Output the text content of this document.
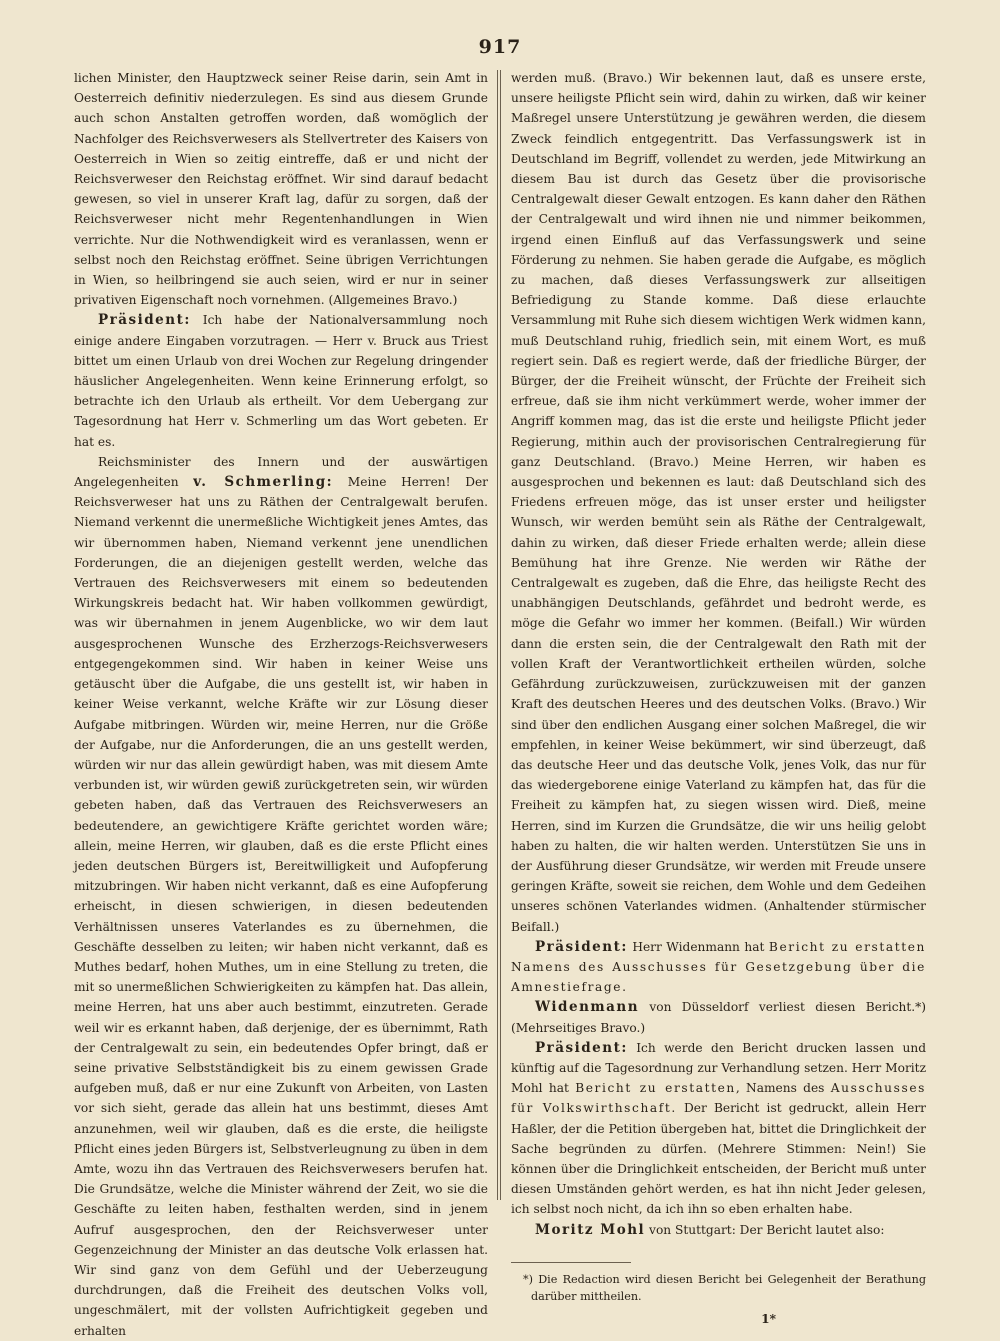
917

lichen Minister, den Hauptzweck seiner Reise darin, sein Amt in Oesterreich definitiv niederzulegen. Es sind aus diesem Grunde auch schon Anstalten getroffen worden, daß womöglich der Nachfolger des Reichsverwesers als Stellvertreter des Kaisers von Oesterreich in Wien so zeitig eintreffe, daß er und nicht der Reichsverweser den Reichstag eröffnet. Wir sind darauf bedacht gewesen, so viel in unserer Kraft lag, dafür zu sorgen, daß der Reichsverweser nicht mehr Regentenhandlungen in Wien verrichte. Nur die Nothwendigkeit wird es veranlassen, wenn er selbst noch den Reichstag eröffnet. Seine übrigen Verrichtungen in Wien, so heilbringend sie auch seien, wird er nur in seiner privativen Eigenschaft noch vornehmen. (Allgemeines Bravo.)

Präsident: Ich habe der Nationalversammlung noch einige andere Eingaben vorzutragen. — Herr v. Bruck aus Triest bittet um einen Urlaub von drei Wochen zur Regelung dringender häuslicher Angelegenheiten. Wenn keine Erinnerung erfolgt, so betrachte ich den Urlaub als ertheilt. Vor dem Uebergang zur Tagesordnung hat Herr v. Schmerling um das Wort gebeten. Er hat es.

Reichsminister des Innern und der auswärtigen Angelegenheiten v. Schmerling: Meine Herren! Der Reichsverweser hat uns zu Räthen der Centralgewalt berufen. Niemand verkennt die unermeßliche Wichtigkeit jenes Amtes, das wir übernommen haben, Niemand verkennt jene unendlichen Forderungen, die an diejenigen gestellt werden, welche das Vertrauen des Reichsverwesers mit einem so bedeutenden Wirkungskreis bedacht hat. Wir haben vollkommen gewürdigt, was wir übernahmen in jenem Augenblicke, wo wir dem laut ausgesprochenen Wunsche des Erzherzogs-Reichsverwesers entgegengekommen sind. Wir haben in keiner Weise uns getäuscht über die Aufgabe, die uns gestellt ist, wir haben in keiner Weise verkannt, welche Kräfte wir zur Lösung dieser Aufgabe mitbringen. Würden wir, meine Herren, nur die Größe der Aufgabe, nur die Anforderungen, die an uns gestellt werden, würden wir nur das allein gewürdigt haben, was mit diesem Amte verbunden ist, wir würden gewiß zurückgetreten sein, wir würden gebeten haben, daß das Vertrauen des Reichsverwesers an bedeutendere, an gewichtigere Kräfte gerichtet worden wäre; allein, meine Herren, wir glauben, daß es die erste Pflicht eines jeden deutschen Bürgers ist, Bereitwilligkeit und Aufopferung mitzubringen. Wir haben nicht verkannt, daß es eine Aufopferung erheischt, in diesen schwierigen, in diesen bedeutenden Verhältnissen unseres Vaterlandes es zu übernehmen, die Geschäfte desselben zu leiten; wir haben nicht verkannt, daß es Muthes bedarf, hohen Muthes, um in eine Stellung zu treten, die mit so unermeßlichen Schwierigkeiten zu kämpfen hat. Das allein, meine Herren, hat uns aber auch bestimmt, einzutreten. Gerade weil wir es erkannt haben, daß derjenige, der es übernimmt, Rath der Centralgewalt zu sein, ein bedeutendes Opfer bringt, daß er seine privative Selbstständigkeit bis zu einem gewissen Grade aufgeben muß, daß er nur eine Zukunft von Arbeiten, von Lasten vor sich sieht, gerade das allein hat uns bestimmt, dieses Amt anzunehmen, weil wir glauben, daß es die erste, die heiligste Pflicht eines jeden Bürgers ist, Selbstverleugnung zu üben in dem Amte, wozu ihn das Vertrauen des Reichsverwesers berufen hat. Die Grundsätze, welche die Minister während der Zeit, wo sie die Geschäfte zu leiten haben, festhalten werden, sind in jenem Aufruf ausgesprochen, den der Reichsverweser unter Gegenzeichnung der Minister an das deutsche Volk erlassen hat. Wir sind ganz von dem Gefühl und der Ueberzeugung durchdrungen, daß die Freiheit des deutschen Volks voll, ungeschmälert, mit der vollsten Aufrichtigkeit gegeben und erhalten

werden muß. (Bravo.) Wir bekennen laut, daß es unsere erste, unsere heiligste Pflicht sein wird, dahin zu wirken, daß wir keiner Maßregel unsere Unterstützung je gewähren werden, die diesem Zweck feindlich entgegentritt. Das Verfassungswerk ist in Deutschland im Begriff, vollendet zu werden, jede Mitwirkung an diesem Bau ist durch das Gesetz über die provisorische Centralgewalt dieser Gewalt entzogen. Es kann daher den Räthen der Centralgewalt und wird ihnen nie und nimmer beikommen, irgend einen Einfluß auf das Verfassungswerk und seine Förderung zu nehmen. Sie haben gerade die Aufgabe, es möglich zu machen, daß dieses Verfassungswerk zur allseitigen Befriedigung zu Stande komme. Daß diese erlauchte Versammlung mit Ruhe sich diesem wichtigen Werk widmen kann, muß Deutschland ruhig, friedlich sein, mit einem Wort, es muß regiert sein. Daß es regiert werde, daß der friedliche Bürger, der Bürger, der die Freiheit wünscht, der Früchte der Freiheit sich erfreue, daß sie ihm nicht verkümmert werde, woher immer der Angriff kommen mag, das ist die erste und heiligste Pflicht jeder Regierung, mithin auch der provisorischen Centralregierung für ganz Deutschland. (Bravo.) Meine Herren, wir haben es ausgesprochen und bekennen es laut: daß Deutschland sich des Friedens erfreuen möge, das ist unser erster und heiligster Wunsch, wir werden bemüht sein als Räthe der Centralgewalt, dahin zu wirken, daß dieser Friede erhalten werde; allein diese Bemühung hat ihre Grenze. Nie werden wir Räthe der Centralgewalt es zugeben, daß die Ehre, das heiligste Recht des unabhängigen Deutschlands, gefährdet und bedroht werde, es möge die Gefahr wo immer her kommen. (Beifall.) Wir würden dann die ersten sein, die der Centralgewalt den Rath mit der vollen Kraft der Verantwortlichkeit ertheilen würden, solche Gefährdung zurückzuweisen, zurückzuweisen mit der ganzen Kraft des deutschen Heeres und des deutschen Volks. (Bravo.) Wir sind über den endlichen Ausgang einer solchen Maßregel, die wir empfehlen, in keiner Weise bekümmert, wir sind überzeugt, daß das deutsche Heer und das deutsche Volk, jenes Volk, das nur für das wiedergeborene einige Vaterland zu kämpfen hat, das für die Freiheit zu kämpfen hat, zu siegen wissen wird. Dieß, meine Herren, sind im Kurzen die Grundsätze, die wir uns heilig gelobt haben zu halten, die wir halten werden. Unterstützen Sie uns in der Ausführung dieser Grundsätze, wir werden mit Freude unsere geringen Kräfte, soweit sie reichen, dem Wohle und dem Gedeihen unseres schönen Vaterlandes widmen. (Anhaltender stürmischer Beifall.)

Präsident: Herr Widenmann hat Bericht zu erstatten Namens des Ausschusses für Gesetzgebung über die Amnestiefrage.

Widenmann von Düsseldorf verliest diesen Bericht.*) (Mehrseitiges Bravo.)

Präsident: Ich werde den Bericht drucken lassen und künftig auf die Tagesordnung zur Verhandlung setzen. Herr Moritz Mohl hat Bericht zu erstatten, Namens des Ausschusses für Volkswirthschaft. Der Bericht ist gedruckt, allein Herr Haßler, der die Petition übergeben hat, bittet die Dringlichkeit der Sache begründen zu dürfen. (Mehrere Stimmen: Nein!) Sie können über die Dringlichkeit entscheiden, der Bericht muß unter diesen Umständen gehört werden, es hat ihn nicht Jeder gelesen, ich selbst noch nicht, da ich ihn so eben erhalten habe.

Moritz Mohl von Stuttgart: Der Bericht lautet also:

*) Die Redaction wird diesen Bericht bei Gelegenheit der Berathung darüber mittheilen.

1*
